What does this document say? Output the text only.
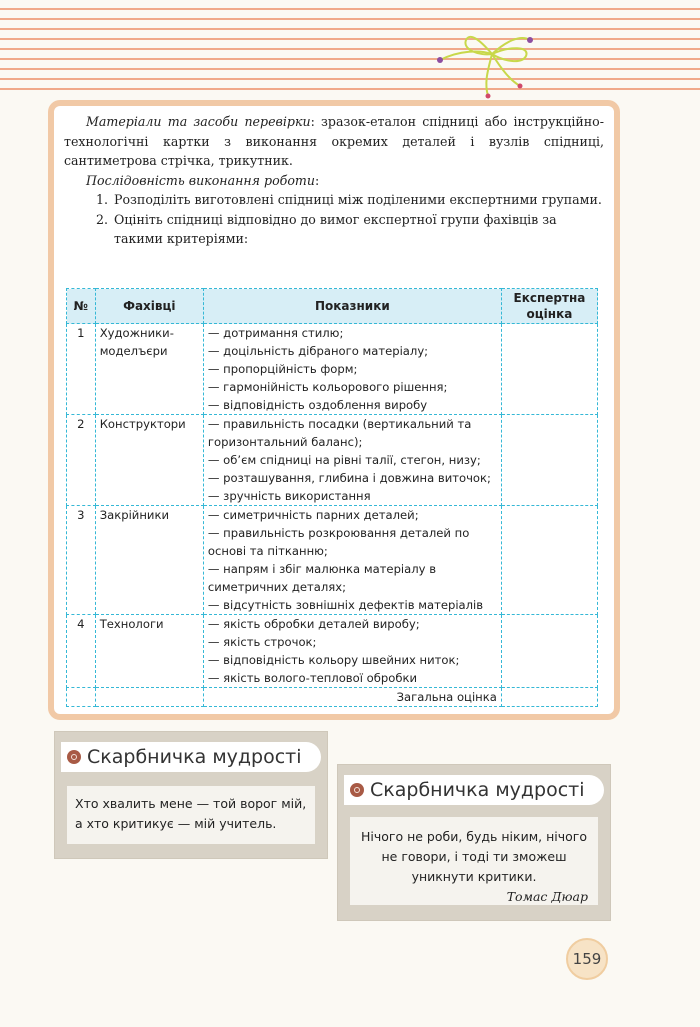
Матеріали та засоби перевірки: зразок-еталон спідниці або інструкційно-технологічні картки з виконання окремих деталей і вузлів спідниці, сантиметрова стрічка, трикутник.

Послідовність виконання роботи:

1. Розподіліть виготовлені спідниці між поділеними експертними групами.
2. Оцініть спідниці відповідно до вимог експертної групи фахівців за такими критеріями:
№	Фахівці	Показники	Експертна оцінка
1	Художники-моделъєри	— дотримання стилю;
— доцільність дібраного матеріалу;
— пропорційність форм;
— гармонійність кольорового рішення;
— відповідність оздоблення виробу	

2	Конструктори	— правильність посадки (вертикальний та горизонтальний баланс);
— об’єм спідниці на рівні талії, стегон, низу;
— розташування, глибина і довжина виточок;
— зручність використання	

3	Закрійники	— симетричність парних деталей;
— правильність розкроювання деталей по основі та пітканню;
— напрям і збіг малюнка матеріалу в симетричних деталях;
— відсутність зовнішніх дефектів матеріалів	

4	Технологи	— якість обробки деталей виробу;
— якість строчок;
— відповідність кольору швейних ниток;
— якість волого-теплової обробки	

		Загальна оцінка	
Скарбничка мудрості
Хто хвалить мене — той ворог мій, а хто критикує — мій учитель.
Скарбничка мудрості
Нічого не роби, будь ніким, нічого не говори, і тоді ти зможеш уникнути критики.
Томас Дюар
159
